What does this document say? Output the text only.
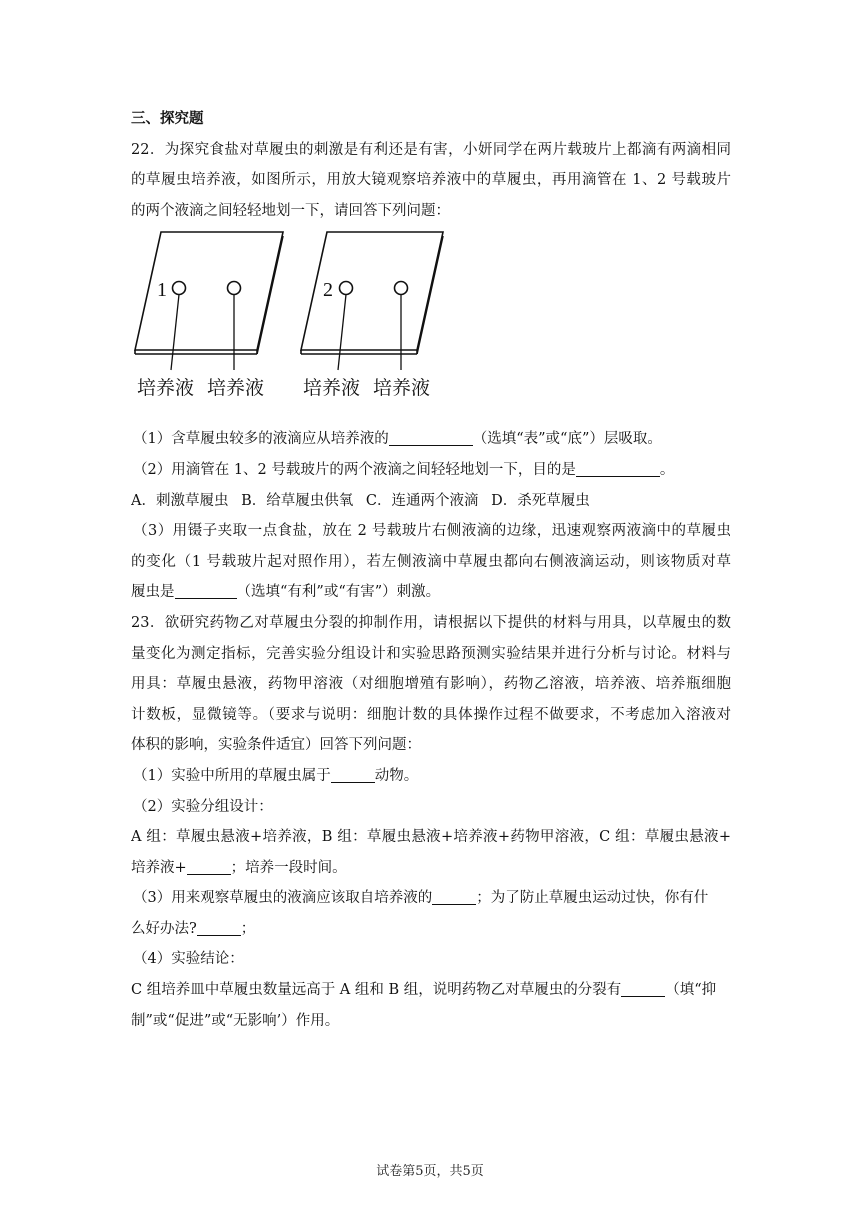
三、探究题
22．为探究食盐对草履虫的刺激是有利还是有害，小妍同学在两片载玻片上都滴有两滴相同
的草履虫培养液，如图所示，用放大镜观察培养液中的草履虫，再用滴管在 1、2 号载玻片
的两个液滴之间轻轻地划一下，请回答下列问题：
1
培养液 培养液
2
培养液 培养液
（1）含草履虫较多的液滴应从培养液的	（选填“表”或“底”）层吸取。
（2）用滴管在 1、2 号载玻片的两个液滴之间轻轻地划一下，目的是	。
A．刺激草履虫 B．给草履虫供氧 C．连通两个液滴 D．杀死草履虫
（3）用镊子夹取一点食盐，放在 2 号载玻片右侧液滴的边缘，迅速观察两液滴中的草履虫
的变化（1 号载玻片起对照作用），若左侧液滴中草履虫都向右侧液滴运动，则该物质对草
履虫是	（选填“有利”或“有害”）刺激。
23．欲研究药物乙对草履虫分裂的抑制作用，请根据以下提供的材料与用具，以草履虫的数
量变化为测定指标，完善实验分组设计和实验思路预测实验结果并进行分析与讨论。材料与
用具：草履虫悬液，药物甲溶液（对细胞增殖有影响），药物乙溶液，培养液、培养瓶细胞
计数板，显微镜等。（要求与说明：细胞计数的具体操作过程不做要求，不考虑加入溶液对
体积的影响，实验条件适宜）回答下列问题：
（1）实验中所用的草履虫属于	动物。
（2）实验分组设计：
A 组：草履虫悬液+培养液，B 组：草履虫悬液+培养液+药物甲溶液，C 组：草履虫悬液+
培养液+	；培养一段时间。
（3）用来观察草履虫的液滴应该取自培养液的	；为了防止草履虫运动过快，你有什
么好办法?	；
（4）实验结论：
C 组培养皿中草履虫数量远高于 A 组和 B 组，说明药物乙对草履虫的分裂有	（填“抑
制”或“促进”或“无影响’）作用。
试卷第5页，共5页
